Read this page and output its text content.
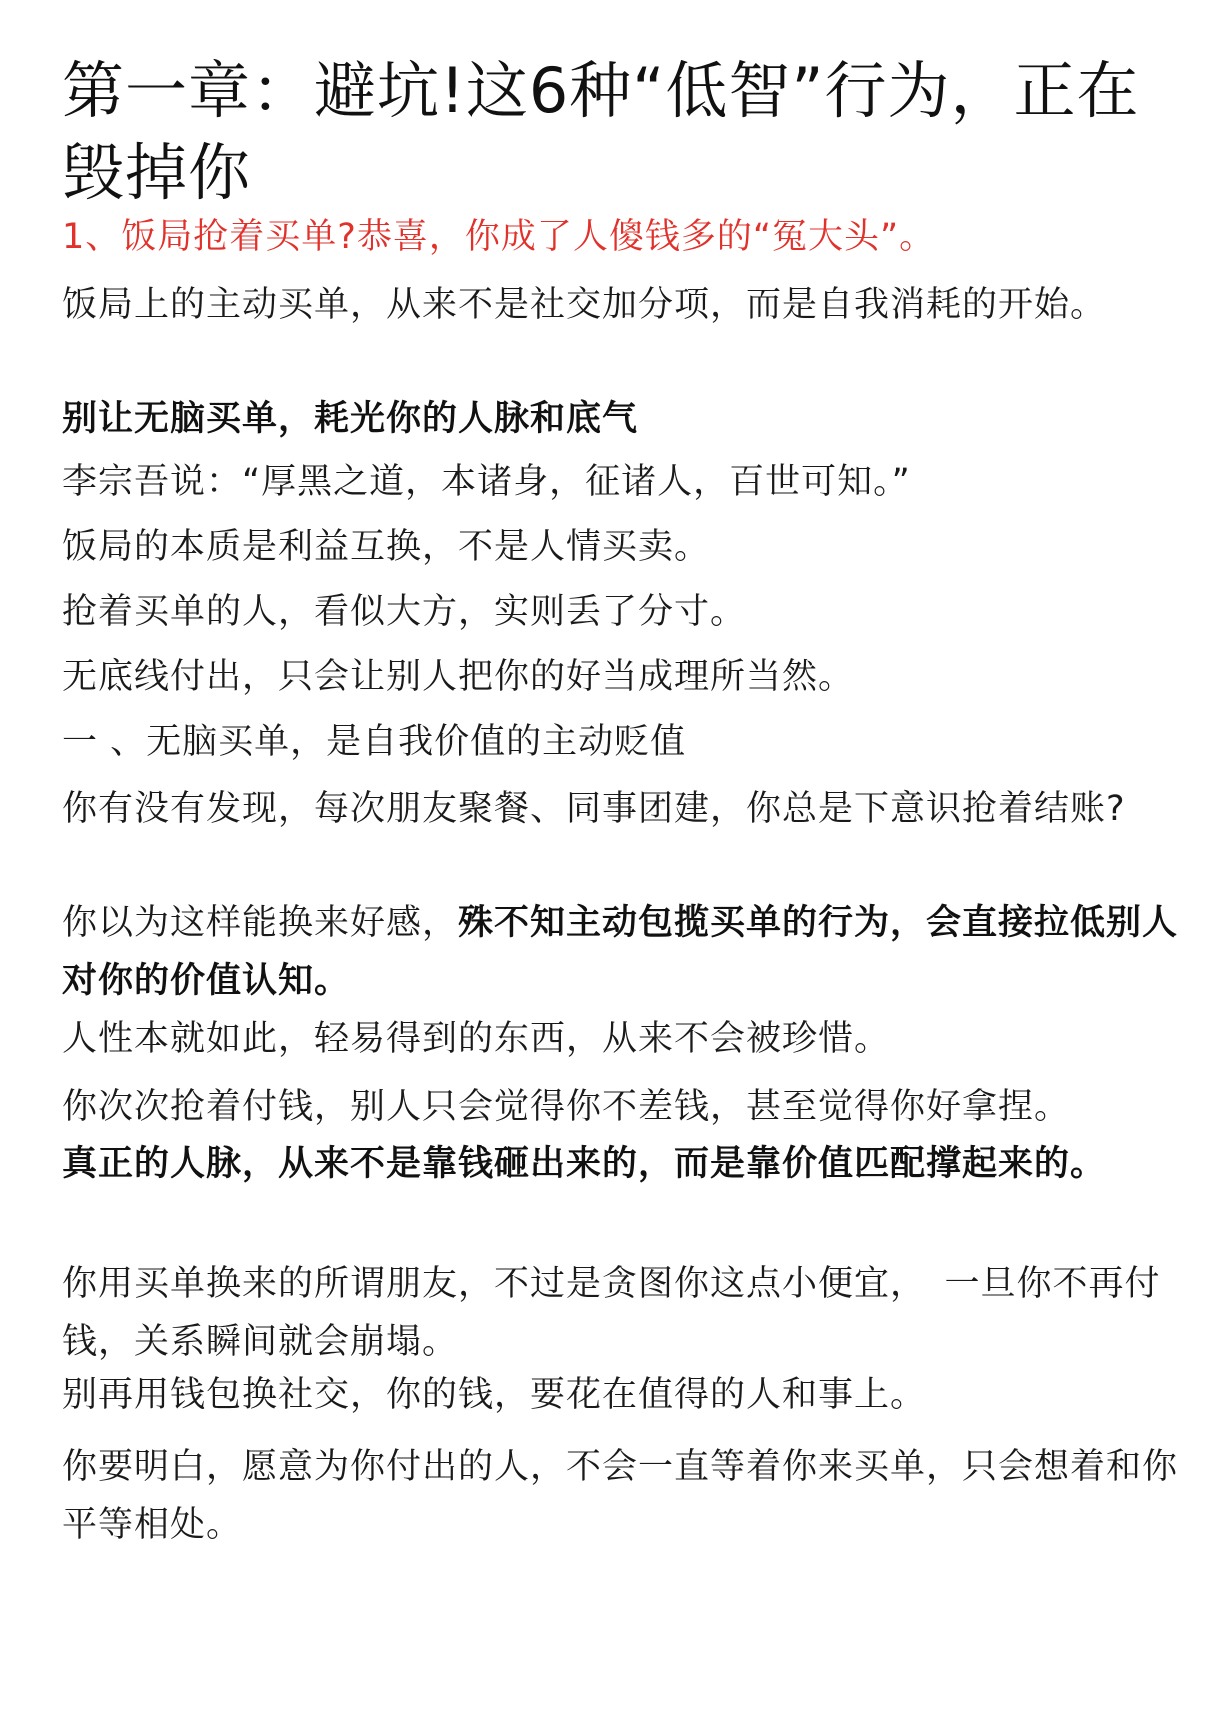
第一章：避坑!这6种“低智”行为，正在毁掉你

1、饭局抢着买单?恭喜，你成了人傻钱多的“冤大头”。

饭局上的主动买单，从来不是社交加分项，而是自我消耗的开始。

别让无脑买单，耗光你的人脉和底气

李宗吾说：“厚黑之道，本诸身，征诸人，百世可知。”

饭局的本质是利益互换，不是人情买卖。

抢着买单的人，看似大方，实则丢了分寸。

无底线付出，只会让别人把你的好当成理所当然。

一 、无脑买单，是自我价值的主动贬值

你有没有发现，每次朋友聚餐、同事团建，你总是下意识抢着结账?

你以为这样能换来好感，殊不知主动包揽买单的行为，会直接拉低别人对你的价值认知。

人性本就如此，轻易得到的东西，从来不会被珍惜。

你次次抢着付钱，别人只会觉得你不差钱，甚至觉得你好拿捏。

真正的人脉，从来不是靠钱砸出来的，而是靠价值匹配撑起来的。

你用买单换来的所谓朋友，不过是贪图你这点小便宜，　一旦你不再付钱，关系瞬间就会崩塌。

别再用钱包换社交，你的钱，要花在值得的人和事上。

你要明白，愿意为你付出的人，不会一直等着你来买单，只会想着和你平等相处。
